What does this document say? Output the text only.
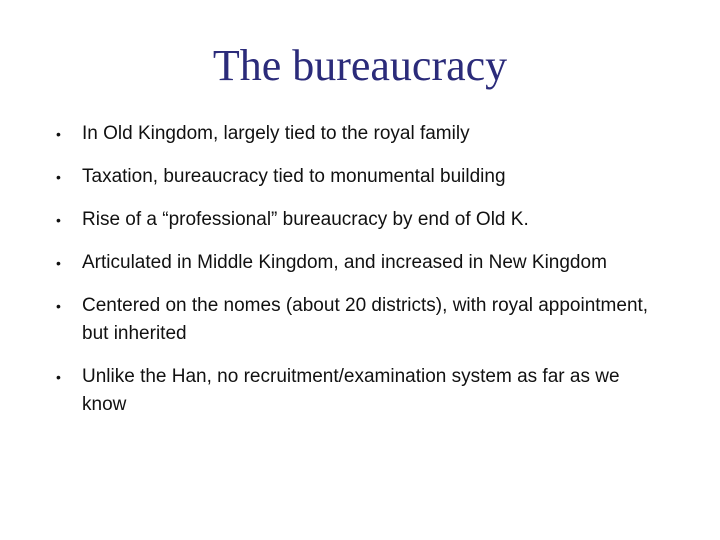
The bureaucracy
• In Old Kingdom, largely tied to the royal family
• Taxation, bureaucracy tied to monumental building
• Rise of a “professional” bureaucracy by end of Old K.
• Articulated in Middle Kingdom, and increased in New Kingdom
• Centered on the nomes (about 20 districts), with royal appointment, but inherited
• Unlike the Han, no recruitment/examination system as far as we know
